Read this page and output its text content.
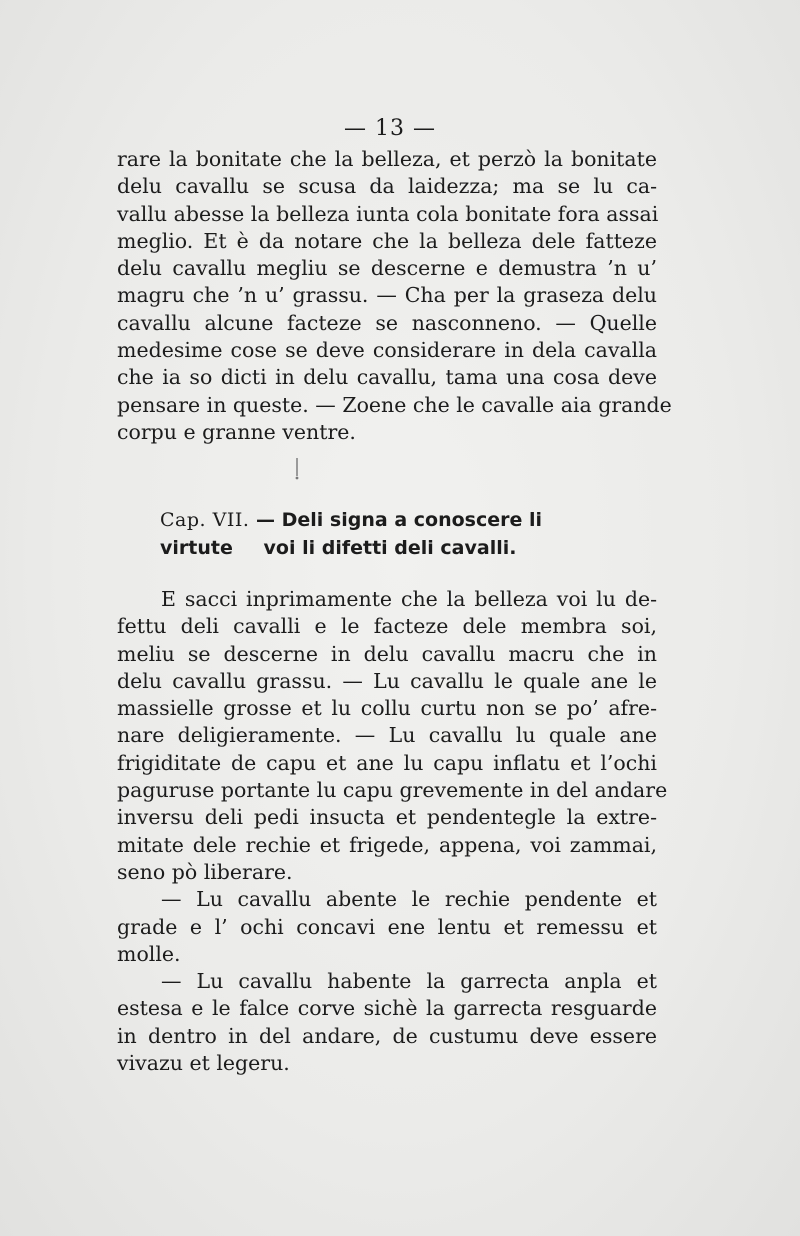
— 13 —
rare la bonitate che la belleza, et perzò la bonitate
delu cavallu se scusa da laidezza; ma se lu ca-
vallu abesse la belleza iunta cola bonitate fora assai
meglio. Et è da notare che la belleza dele fatteze
delu cavallu megliu se descerne e demustra ’n u’
magru che ’n u’ grassu. — Cha per la graseza delu
cavallu alcune facteze se nasconneno. — Quelle
medesime cose se deve considerare in dela cavalla
che ia so dicti in delu cavallu, tama una cosa deve
pensare in queste. — Zoene che le cavalle aia grande
corpu e granne ventre.
Cap. VII. — Deli signa a conoscere li virtute	voi li difetti deli cavalli.
E sacci inprimamente che la belleza voi lu de-
fettu deli cavalli e le facteze dele membra soi,
meliu se descerne in delu cavallu macru che in
delu cavallu grassu. — Lu cavallu le quale ane le
massielle grosse et lu collu curtu non se po’ afre-
nare deligieramente. — Lu cavallu lu quale ane
frigiditate de capu et ane lu capu inflatu et l’ochi
paguruse portante lu capu grevemente in del andare
inversu deli pedi insucta et pendentegle la extre-
mitate dele rechie et frigede, appena, voi zammai,
seno pò liberare.
— Lu cavallu abente le rechie pendente et
grade e l’ ochi concavi ene lentu et remessu et
molle.
— Lu cavallu habente la garrecta anpla et
estesa e le falce corve sichè la garrecta resguarde
in dentro in del andare, de custumu deve essere
vivazu et legeru.
